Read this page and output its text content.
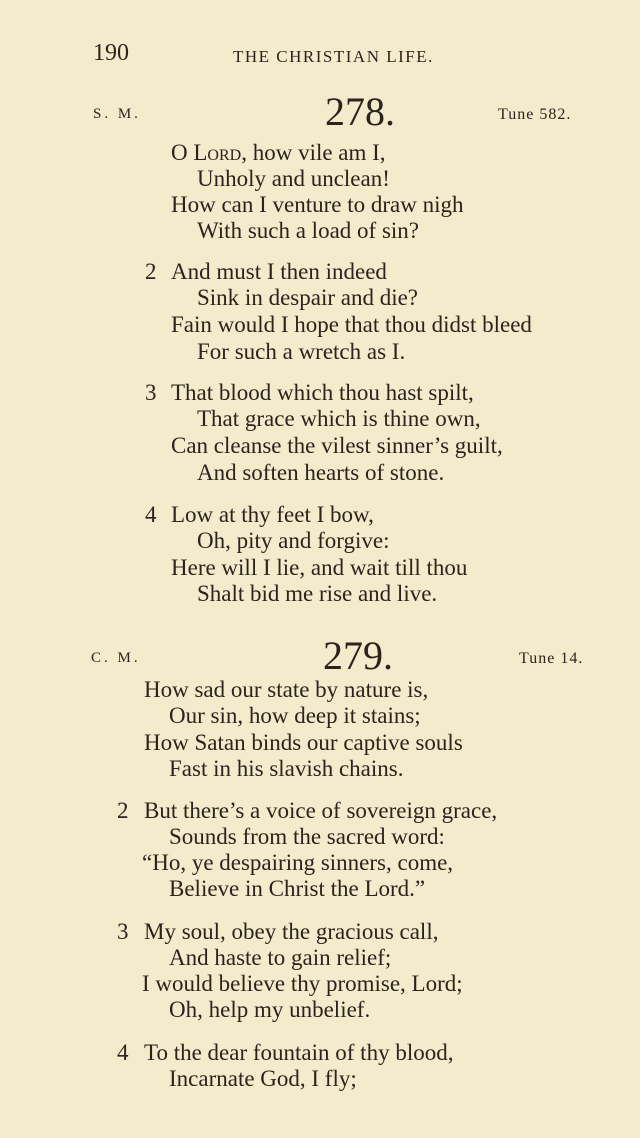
190	THE CHRISTIAN LIFE.
S. M.	278.	Tune 582.
O Lord, how vile am I,
Unholy and unclean!
How can I venture to draw nigh
With such a load of sin?
2 And must I then indeed
Sink in despair and die?
Fain would I hope that thou didst bleed
For such a wretch as I.
3 That blood which thou hast spilt,
That grace which is thine own,
Can cleanse the vilest sinner’s guilt,
And soften hearts of stone.
4 Low at thy feet I bow,
Oh, pity and forgive:
Here will I lie, and wait till thou
Shalt bid me rise and live.
C. M.	279.	Tune 14.
How sad our state by nature is,
Our sin, how deep it stains;
How Satan binds our captive souls
Fast in his slavish chains.
2 But there’s a voice of sovereign grace,
Sounds from the sacred word:
“Ho, ye despairing sinners, come,
Believe in Christ the Lord.”
3 My soul, obey the gracious call,
And haste to gain relief;
I would believe thy promise, Lord;
Oh, help my unbelief.
4 To the dear fountain of thy blood,
Incarnate God, I fly;
